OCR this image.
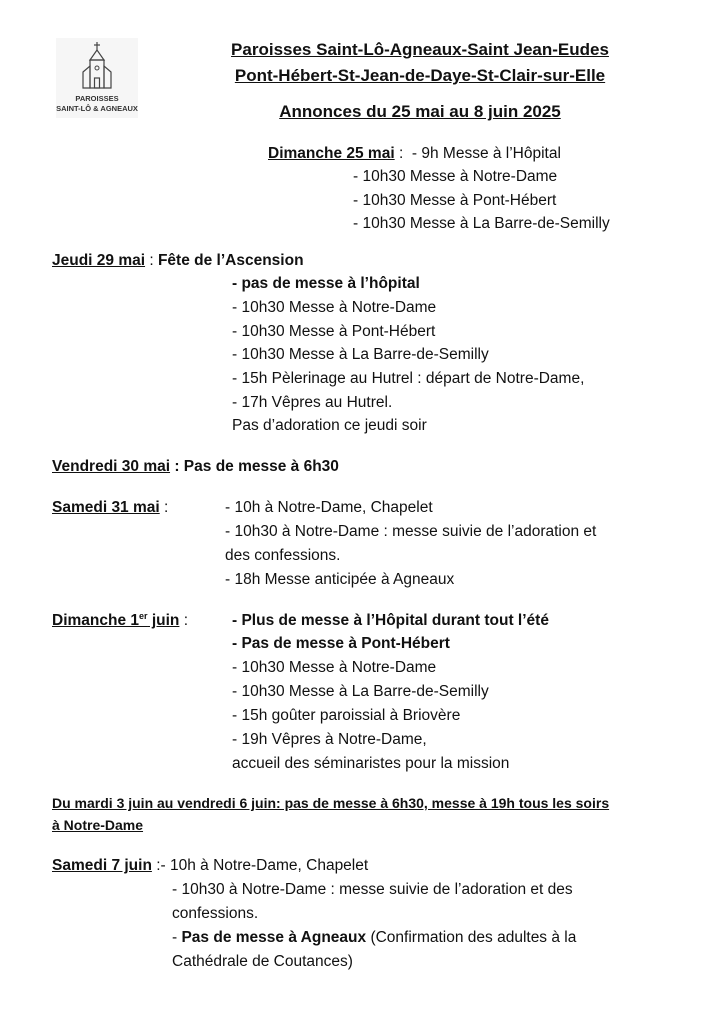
PAROISSES
SAINT-LÔ & AGNEAUX
Paroisses Saint-Lô-Agneaux-Saint Jean-Eudes
Pont-Hébert-St-Jean-de-Daye-St-Clair-sur-Elle
Annonces du 25 mai au 8 juin 2025
Dimanche 25 mai :  - 9h Messe à l’Hôpital
- 10h30 Messe à Notre-Dame
- 10h30 Messe à Pont-Hébert
- 10h30 Messe à La Barre-de-Semilly
Jeudi 29 mai : Fête de l’Ascension
- pas de messe à l’hôpital
- 10h30 Messe à Notre-Dame
- 10h30 Messe à Pont-Hébert
- 10h30 Messe à La Barre-de-Semilly
- 15h Pèlerinage au Hutrel : départ de Notre-Dame,
- 17h Vêpres au Hutrel.
Pas d’adoration ce jeudi soir
Vendredi 30 mai : Pas de messe à 6h30
Samedi 31 mai :	- 10h à Notre-Dame, Chapelet
- 10h30 à Notre-Dame : messe suivie de l’adoration et
des confessions.
- 18h Messe anticipée à Agneaux
Dimanche 1er juin :	- Plus de messe à l’Hôpital durant tout l’été
- Pas de messe à Pont-Hébert
- 10h30 Messe à Notre-Dame
- 10h30 Messe à La Barre-de-Semilly
- 15h goûter paroissial à Briovère
- 19h Vêpres à Notre-Dame,
accueil des séminaristes pour la mission
Du mardi 3 juin au vendredi 6 juin: pas de messe à 6h30, messe à 19h tous les soirs
à Notre-Dame
Samedi 7 juin :- 10h à Notre-Dame, Chapelet
- 10h30 à Notre-Dame : messe suivie de l’adoration et des
confessions.
- Pas de messe à Agneaux (Confirmation des adultes à la
Cathédrale de Coutances)
